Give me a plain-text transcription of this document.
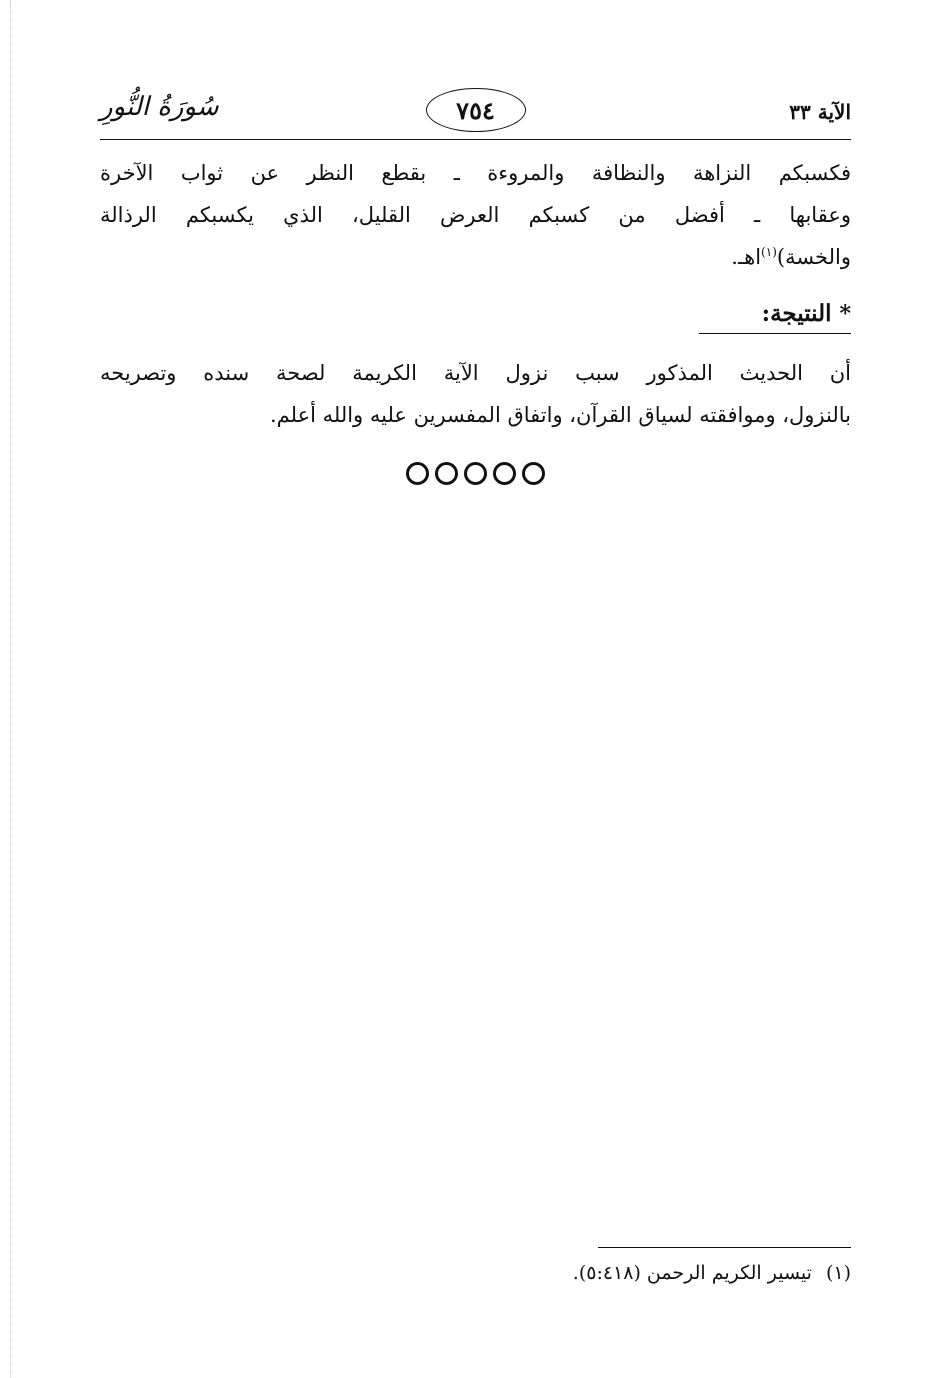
الآية ٣٣
٧٥٤
سُورَةُ النُّورِ
فكسبكم النزاهة والنظافة والمروءة ـ بقطع النظر عن ثواب الآخرة
وعقابها ـ أفضل من كسبكم العرض القليل، الذي يكسبكم الرذالة
والخسة)$^{(١)}$اهـ.
*النتيجة:
أن الحديث المذكور سبب نزول الآية الكريمة لصحة سنده وتصريحه
بالنزول، وموافقته لسياق القرآن، واتفاق المفسرين عليه والله أعلم.
(١)تيسير الكريم الرحمن (٥:٤١٨).
